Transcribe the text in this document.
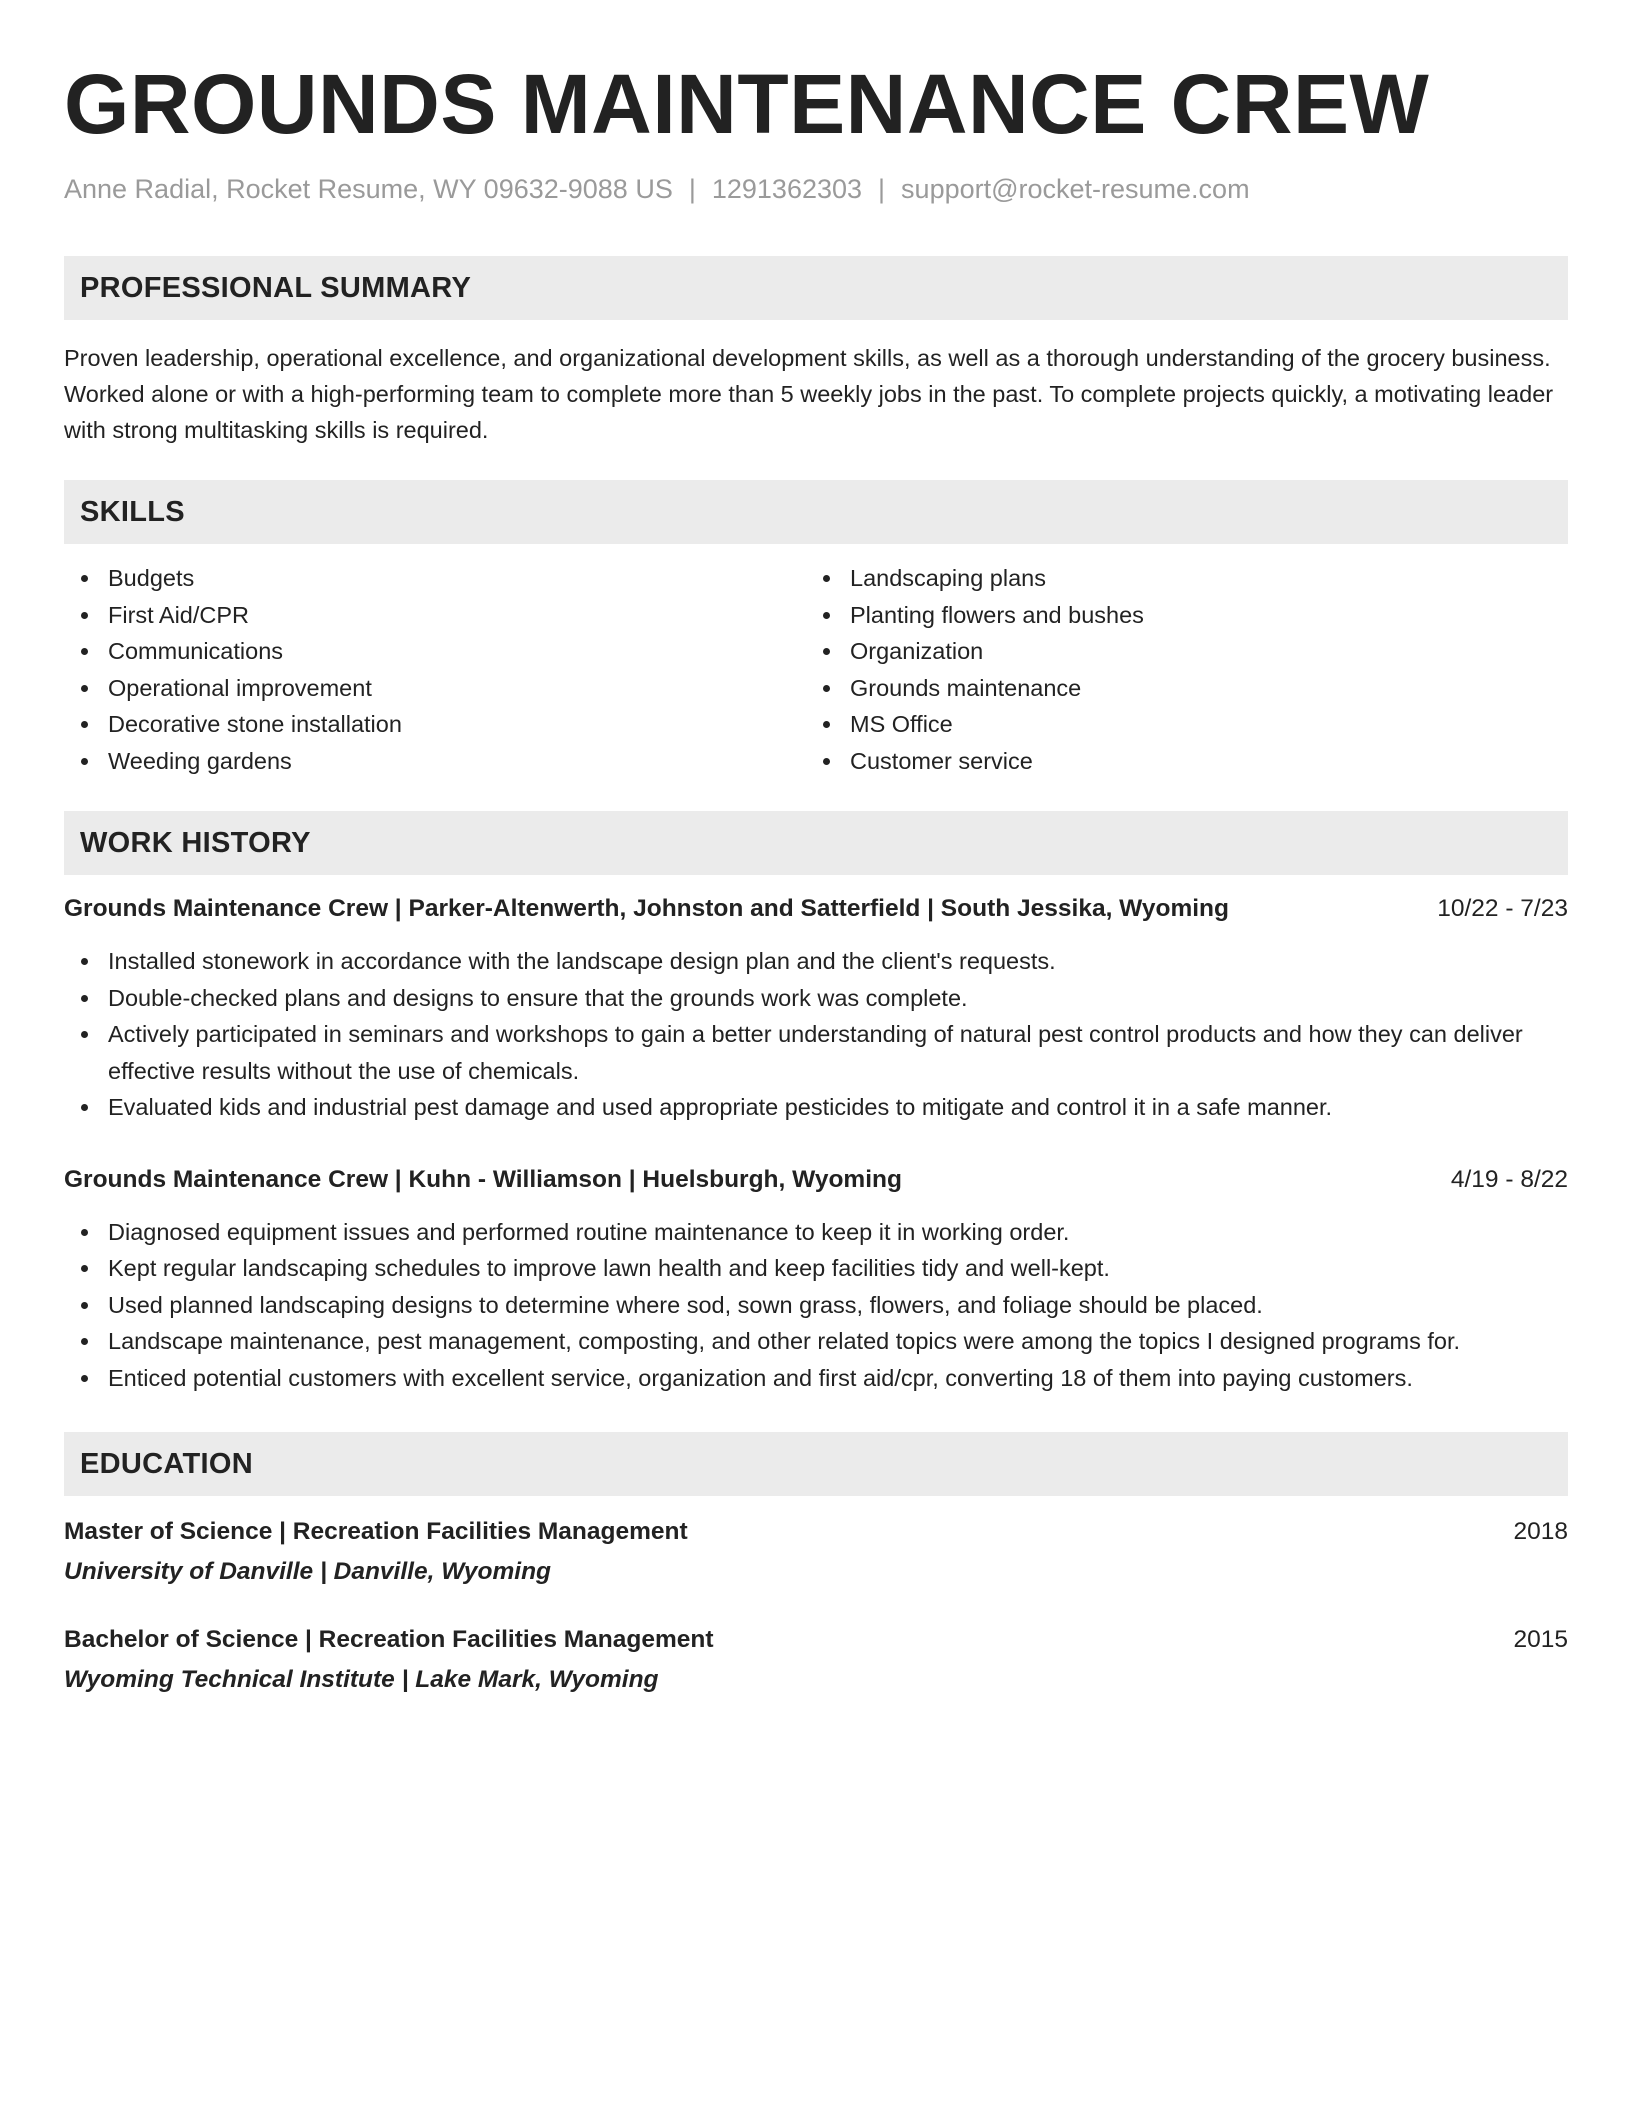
GROUNDS MAINTENANCE CREW
Anne Radial, Rocket Resume, WY 09632-9088 US | 1291362303 | support@rocket-resume.com
PROFESSIONAL SUMMARY

Proven leadership, operational excellence, and organizational development skills, as well as a thorough understanding of the grocery business. Worked alone or with a high-performing team to complete more than 5 weekly jobs in the past. To complete projects quickly, a motivating leader with strong multitasking skills is required.

SKILLS
Budgets
First Aid/CPR
Communications
Operational improvement
Decorative stone installation
Weeding gardens
Landscaping plans
Planting flowers and bushes
Organization
Grounds maintenance
MS Office
Customer service
WORK HISTORY
Grounds Maintenance Crew | Parker-Altenwerth, Johnston and Satterfield | South Jessika, Wyoming	10/22 - 7/23
Installed stonework in accordance with the landscape design plan and the client's requests.
Double-checked plans and designs to ensure that the grounds work was complete.
Actively participated in seminars and workshops to gain a better understanding of natural pest control products and how they can deliver effective results without the use of chemicals.
Evaluated kids and industrial pest damage and used appropriate pesticides to mitigate and control it in a safe manner.
Grounds Maintenance Crew | Kuhn - Williamson | Huelsburgh, Wyoming	4/19 - 8/22
Diagnosed equipment issues and performed routine maintenance to keep it in working order.
Kept regular landscaping schedules to improve lawn health and keep facilities tidy and well-kept.
Used planned landscaping designs to determine where sod, sown grass, flowers, and foliage should be placed.
Landscape maintenance, pest management, composting, and other related topics were among the topics I designed programs for.
Enticed potential customers with excellent service, organization and first aid/cpr, converting 18 of them into paying customers.
EDUCATION
Master of Science | Recreation Facilities Management	2018
University of Danville | Danville, Wyoming
Bachelor of Science | Recreation Facilities Management	2015
Wyoming Technical Institute | Lake Mark, Wyoming
